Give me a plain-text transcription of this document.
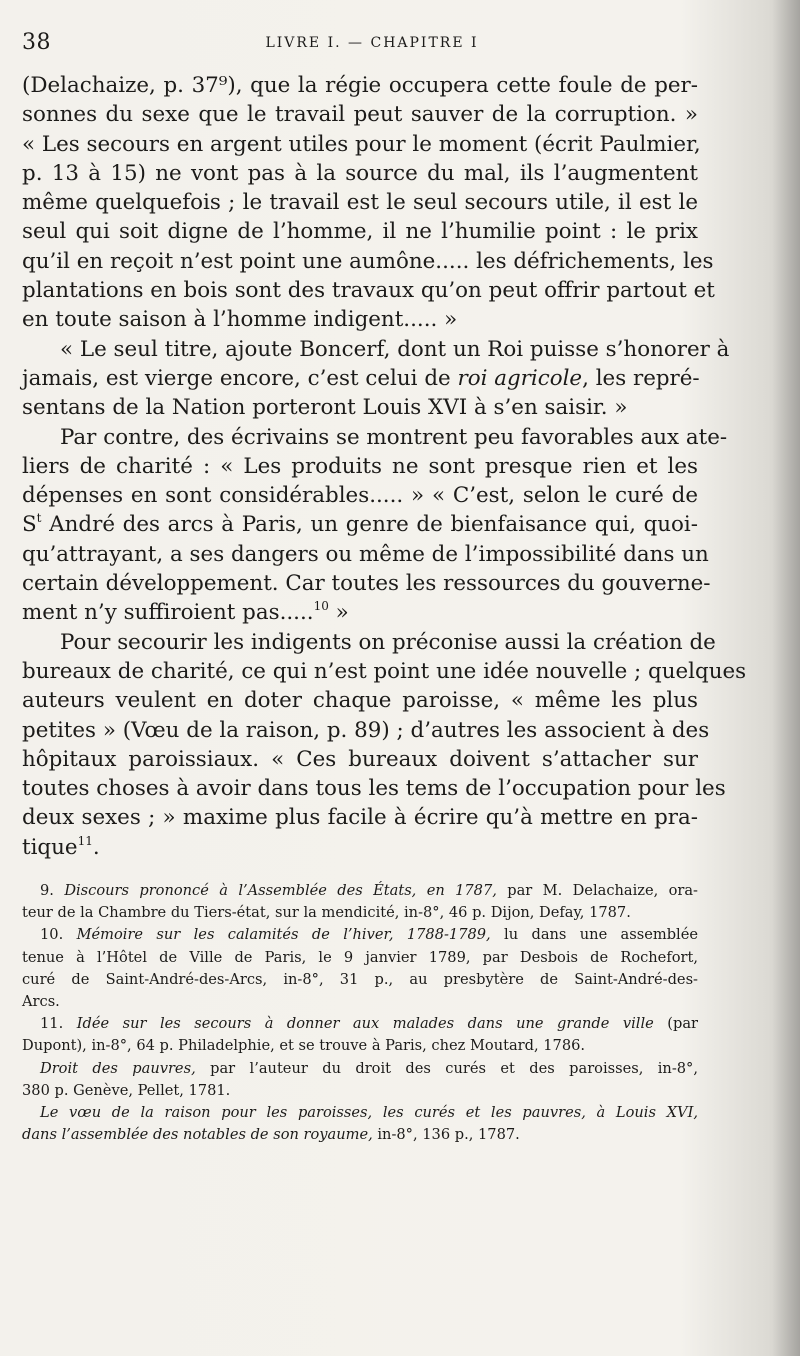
38	LIVRE I. — CHAPITRE I

(Delachaize, p. 37⁹), que la régie occupera cette foule de per-
sonnes du sexe que le travail peut sauver de la corruption. »
« Les secours en argent utiles pour le moment (écrit Paulmier,
p. 13 à 15) ne vont pas à la source du mal, ils l’augmentent
même quelquefois ; le travail est le seul secours utile, il est le
seul qui soit digne de l’homme, il ne l’humilie point : le prix
qu’il en reçoit n’est point une aumône..... les défrichements, les
plantations en bois sont des travaux qu’on peut offrir partout et
en toute saison à l’homme indigent..... »

« Le seul titre, ajoute Boncerf, dont un Roi puisse s’honorer à
jamais, est vierge encore, c’est celui de roi agricole, les repré-
sentans de la Nation porteront Louis XVI à s’en saisir. »

Par contre, des écrivains se montrent peu favorables aux ate-
liers de charité : « Les produits ne sont presque rien et les
dépenses en sont considérables..... » « C’est, selon le curé de
$S^t$ André des arcs à Paris, un genre de bienfaisance qui, quoi-
qu’attrayant, a ses dangers ou même de l’impossibilité dans un
certain développement. Car toutes les ressources du gouverne-
ment n’y suffiroient pas.....$^{10}$ »

Pour secourir les indigents on préconise aussi la création de
bureaux de charité, ce qui n’est point une idée nouvelle ; quelques
auteurs veulent en doter chaque paroisse, « même les plus
petites » (Vœu de la raison, p. 89) ; d’autres les associent à des
hôpitaux paroissiaux. « Ces bureaux doivent s’attacher sur
toutes choses à avoir dans tous les tems de l’occupation pour les
deux sexes ; » maxime plus facile à écrire qu’à mettre en pra-
tique$^{11}$.

9. Discours prononcé à l’Assemblée des États, en 1787, par M. Delachaize, ora-
teur de la Chambre du Tiers-état, sur la mendicité, in-8°, 46 p. Dijon, Defay, 1787.
10. Mémoire sur les calamités de l’hiver, 1788-1789, lu dans une assemblée
tenue à l’Hôtel de Ville de Paris, le 9 janvier 1789, par Desbois de Rochefort,
curé de Saint-André-des-Arcs, in-8°, 31 p., au presbytère de Saint-André-des-
Arcs.
11. Idée sur les secours à donner aux malades dans une grande ville (par
Dupont), in-8°, 64 p. Philadelphie, et se trouve à Paris, chez Moutard, 1786.
Droit des pauvres, par l’auteur du droit des curés et des paroisses, in-8°,
380 p. Genève, Pellet, 1781.
Le vœu de la raison pour les paroisses, les curés et les pauvres, à Louis XVI,
dans l’assemblée des notables de son royaume, in-8°, 136 p., 1787.
